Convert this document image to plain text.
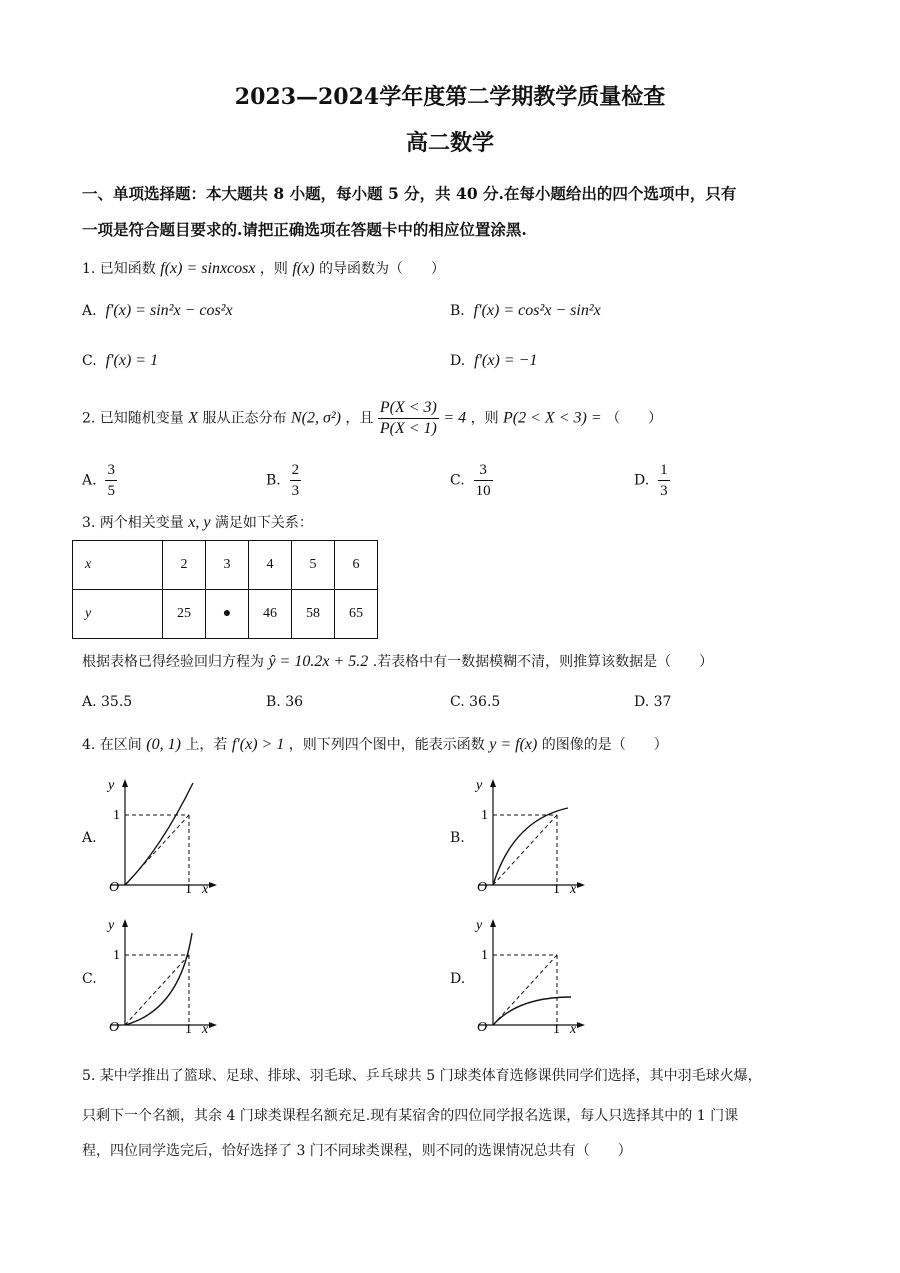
2023—2024学年度第二学期教学质量检查
高二数学
一、单项选择题：本大题共 8 小题，每小题 5 分，共 40 分.在每小题给出的四个选项中，只有
一项是符合题目要求的.请把正确选项在答题卡中的相应位置涂黑.
1. 已知函数 f(x) = sinxcosx ，则 f(x) 的导函数为（　　）
A. f′(x) = sin²x − cos²x	B. f′(x) = cos²x − sin²x
C. f′(x) = 1	D. f′(x) = −1
2. 已知随机变量 X 服从正态分布 N(2, σ²) ，且 $\frac{P(X < 3)}{P(X < 1)} = 4$ ，则 P(2 < X < 3) = （　　）
A. $\frac{3}{5}$	B. $\frac{2}{3}$	C. $\frac{3}{10}$	D. $\frac{1}{3}$
3. 两个相关变量 x, y 满足如下关系：
x	2	3	4	5	6
y	25	●	46	58	65
根据表格已得经验回归方程为 ŷ = 10.2x + 5.2 .若表格中有一数据模糊不清，则推算该数据是（　　）
A. 35.5	B. 36	C. 36.5	D. 37
4. 在区间 (0, 1) 上，若 f′(x) > 1 ，则下列四个图中，能表示函数 y = f(x) 的图像的是（　　）
A.
y
1
O	1 x
B.
y
1
O	1 x
C.
y
1
O	1 x
D.
y
1
O	1 x
5. 某中学推出了篮球、足球、排球、羽毛球、乒乓球共 5 门球类体育选修课供同学们选择，其中羽毛球火爆，
只剩下一个名额，其余 4 门球类课程名额充足.现有某宿舍的四位同学报名选课，每人只选择其中的 1 门课
程，四位同学选完后，恰好选择了 3 门不同球类课程，则不同的选课情况总共有（　　）
